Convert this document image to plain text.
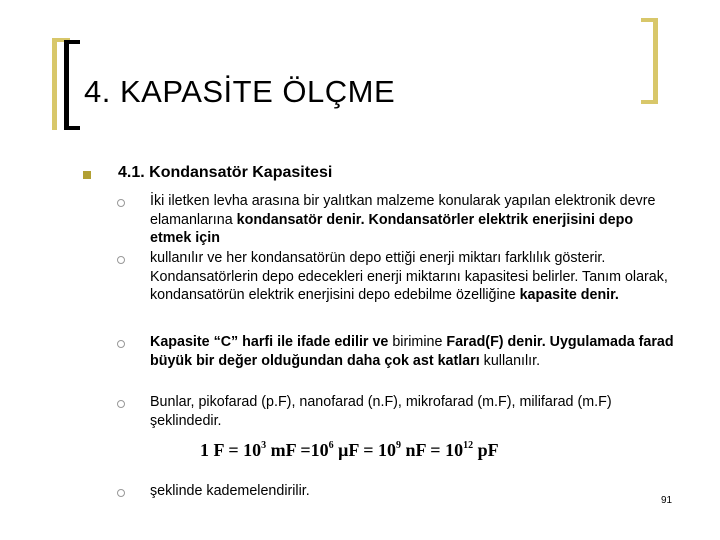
4. KAPASİTE ÖLÇME
4.1. Kondansatör Kapasitesi
İki iletken levha arasına bir yalıtkan malzeme konularak yapılan elektronik devre elamanlarına kondansatör denir. Kondansatörler elektrik enerjisini depo etmek için
kullanılır ve her kondansatörün depo ettiği enerji miktarı farklılık gösterir. Kondansatörlerin depo edecekleri enerji miktarını kapasitesi belirler. Tanım olarak, kondansatörün elektrik enerjisini depo edebilme özelliğine kapasite denir.
Kapasite “C” harfi ile ifade edilir ve birimine Farad(F) denir. Uygulamada farad büyük bir değer olduğundan daha çok ast katları kullanılır.
Bunlar, pikofarad (p.F), nanofarad (n.F), mikrofarad (m.F), milifarad (m.F) şeklindedir.
1 $F = 10^3$ mF $=10^6$ $\mu F = 10^9$ nF = $10^{12}$ pF
şeklinde kademelendirilir.
91
